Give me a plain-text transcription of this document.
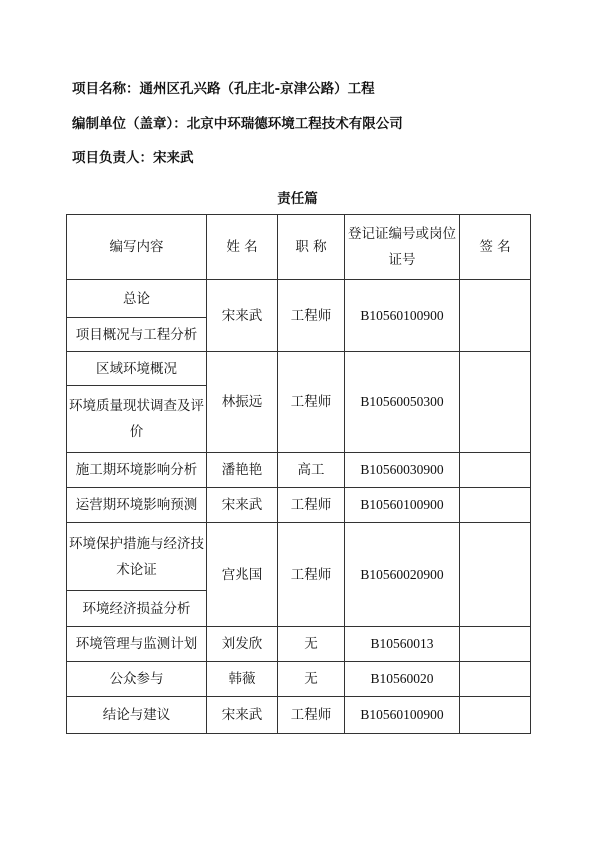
项目名称：通州区孔兴路（孔庄北-京津公路）工程
编制单位（盖章）：北京中环瑞德环境工程技术有限公司
项目负责人：宋来武
责任篇
编写内容	姓 名	职 称	登记证编号或岗位证号	签 名
总论	宋来武	工程师	B10560100900	
项目概况与工程分析				
区域环境概况	林振远	工程师	B10560050300	
环境质量现状调查及评价				
施工期环境影响分析	潘艳艳	高工	B10560030900	
运营期环境影响预测	宋来武	工程师	B10560100900	
环境保护措施与经济技术论证	宫兆国	工程师	B10560020900	
环境经济损益分析				
环境管理与监测计划	刘发欣	无	B10560013	
公众参与	韩薇	无	B10560020	
结论与建议	宋来武	工程师	B10560100900	
